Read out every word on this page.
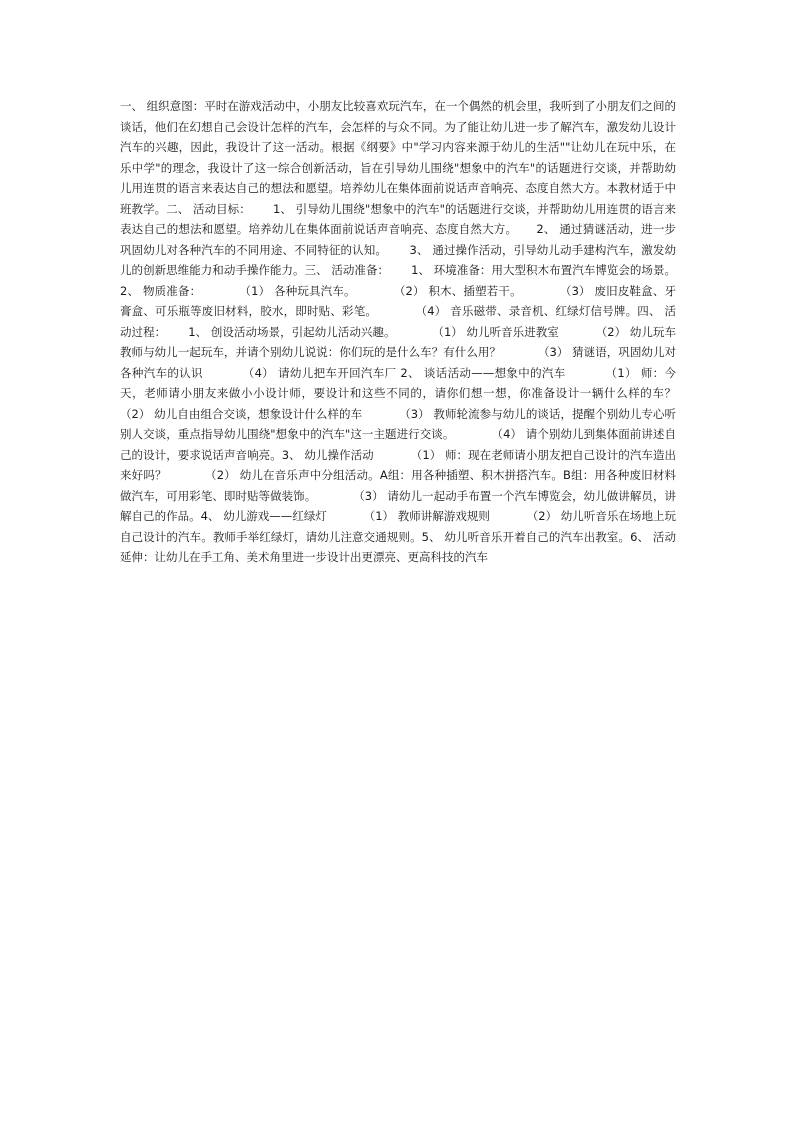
一、 组织意图：平时在游戏活动中，小朋友比较喜欢玩汽车，在一个偶然的机会里，我听到了小朋友们之间的谈话，他们在幻想自己会设计怎样的汽车，会怎样的与众不同。为了能让幼儿进一步了解汽车，激发幼儿设计汽车的兴趣，因此，我设计了这一活动。根据《纲要》中"学习内容来源于幼儿的生活""让幼儿在玩中乐，在乐中学"的理念，我设计了这一综合创新活动，旨在引导幼儿围绕"想象中的汽车"的话题进行交谈，并帮助幼儿用连贯的语言来表达自己的想法和愿望。培养幼儿在集体面前说话声音响亮、态度自然大方。本教材适于中班教学。二、 活动目标：      1、 引导幼儿围绕"想象中的汽车"的话题进行交谈，并帮助幼儿用连贯的语言来表达自己的想法和愿望。培养幼儿在集体面前说话声音响亮、态度自然大方。     2、 通过猜谜活动，进一步巩固幼儿对各种汽车的不同用途、不同特征的认知。      3、 通过操作活动，引导幼儿动手建构汽车，激发幼儿的创新思维能力和动手操作能力。三、 活动准备：      1、 环境准备：用大型积木布置汽车博览会的场景。      2、 物质准备：          （1） 各种玩具汽车。          （2） 积木、插塑若干。          （3） 废旧皮鞋盒、牙膏盒、可乐瓶等废旧材料，胶水，即时贴、彩笔。          （4） 音乐磁带、录音机、红绿灯信号牌。四、 活动过程：      1、 创设活动场景，引起幼儿活动兴趣。          （1） 幼儿听音乐进教室          （2） 幼儿玩车教师与幼儿一起玩车，并请个别幼儿说说：你们玩的是什么车？有什么用？          （3） 猜谜语，巩固幼儿对各种汽车的认识          （4） 请幼儿把车开回汽车厂 2、 谈话活动——想象中的汽车          （1） 师：今天，老师请小朋友来做小小设计师，要设计和这些不同的，请你们想一想，你准备设计一辆什么样的车？          （2） 幼儿自由组合交谈，想象设计什么样的车          （3） 教师轮流参与幼儿的谈话，提醒个别幼儿专心听别人交谈，重点指导幼儿围绕"想象中的汽车"这一主题进行交谈。          （4） 请个别幼儿到集体面前讲述自己的设计，要求说话声音响亮。3、 幼儿操作活动          （1） 师：现在老师请小朋友把自己设计的汽车造出来好吗？          （2） 幼儿在音乐声中分组活动。A组：用各种插塑、积木拼搭汽车。B组：用各种废旧材料做汽车，可用彩笔、即时贴等做装饰。          （3） 请幼儿一起动手布置一个汽车博览会，幼儿做讲解员，讲解自己的作品。4、 幼儿游戏——红绿灯          （1） 教师讲解游戏规则          （2） 幼儿听音乐在场地上玩自己设计的汽车。教师手举红绿灯，请幼儿注意交通规则。5、 幼儿听音乐开着自己的汽车出教室。6、 活动延伸：让幼儿在手工角、美术角里进一步设计出更漂亮、更高科技的汽车
